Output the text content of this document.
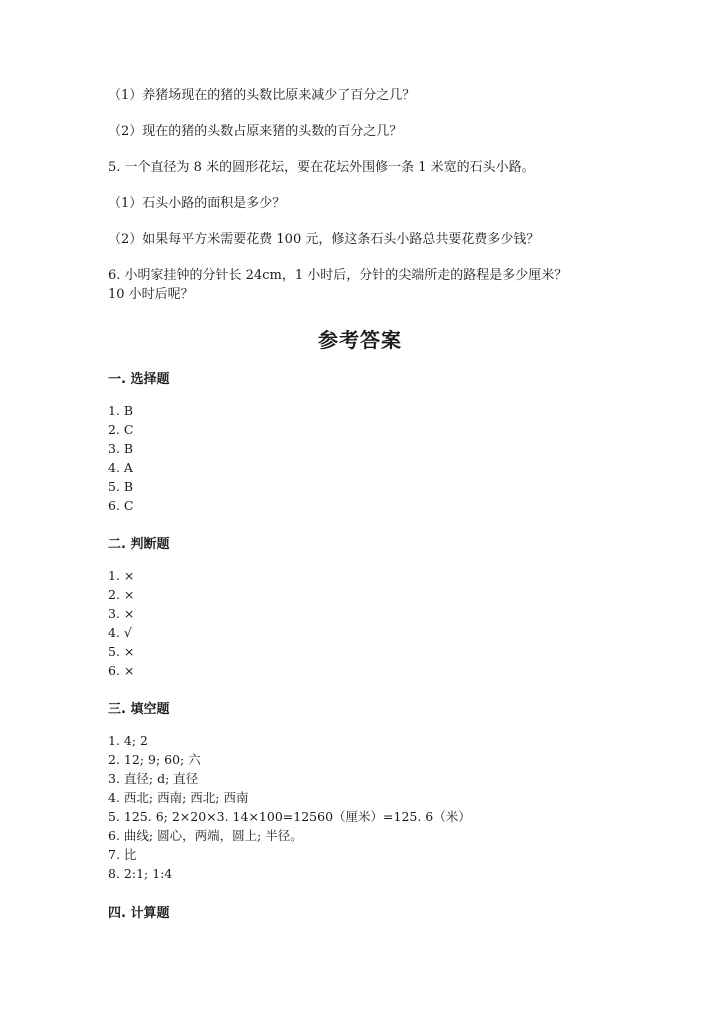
（1）养猪场现在的猪的头数比原来减少了百分之几？
（2）现在的猪的头数占原来猪的头数的百分之几？
5. 一个直径为 8 米的圆形花坛，要在花坛外围修一条 1 米宽的石头小路。
（1）石头小路的面积是多少？
（2）如果每平方米需要花费 100 元，修这条石头小路总共要花费多少钱？
6. 小明家挂钟的分针长 24cm，1 小时后，分针的尖端所走的路程是多少厘米？
10 小时后呢？
参考答案
一. 选择题
1. B
2. C
3. B
4. A
5. B
6. C
二. 判断题
1. ×
2. ×
3. ×
4. √
5. ×
6. ×
三. 填空题
1. 4; 2
2. 12; 9; 60; 六
3. 直径; d; 直径
4. 西北; 西南; 西北; 西南
5. 125. 6; 2×20×3. 14×100=12560（厘米）=125. 6（米）
6. 曲线; 圆心，两端，圆上; 半径。
7. 比
8. 2:1; 1:4
四. 计算题
